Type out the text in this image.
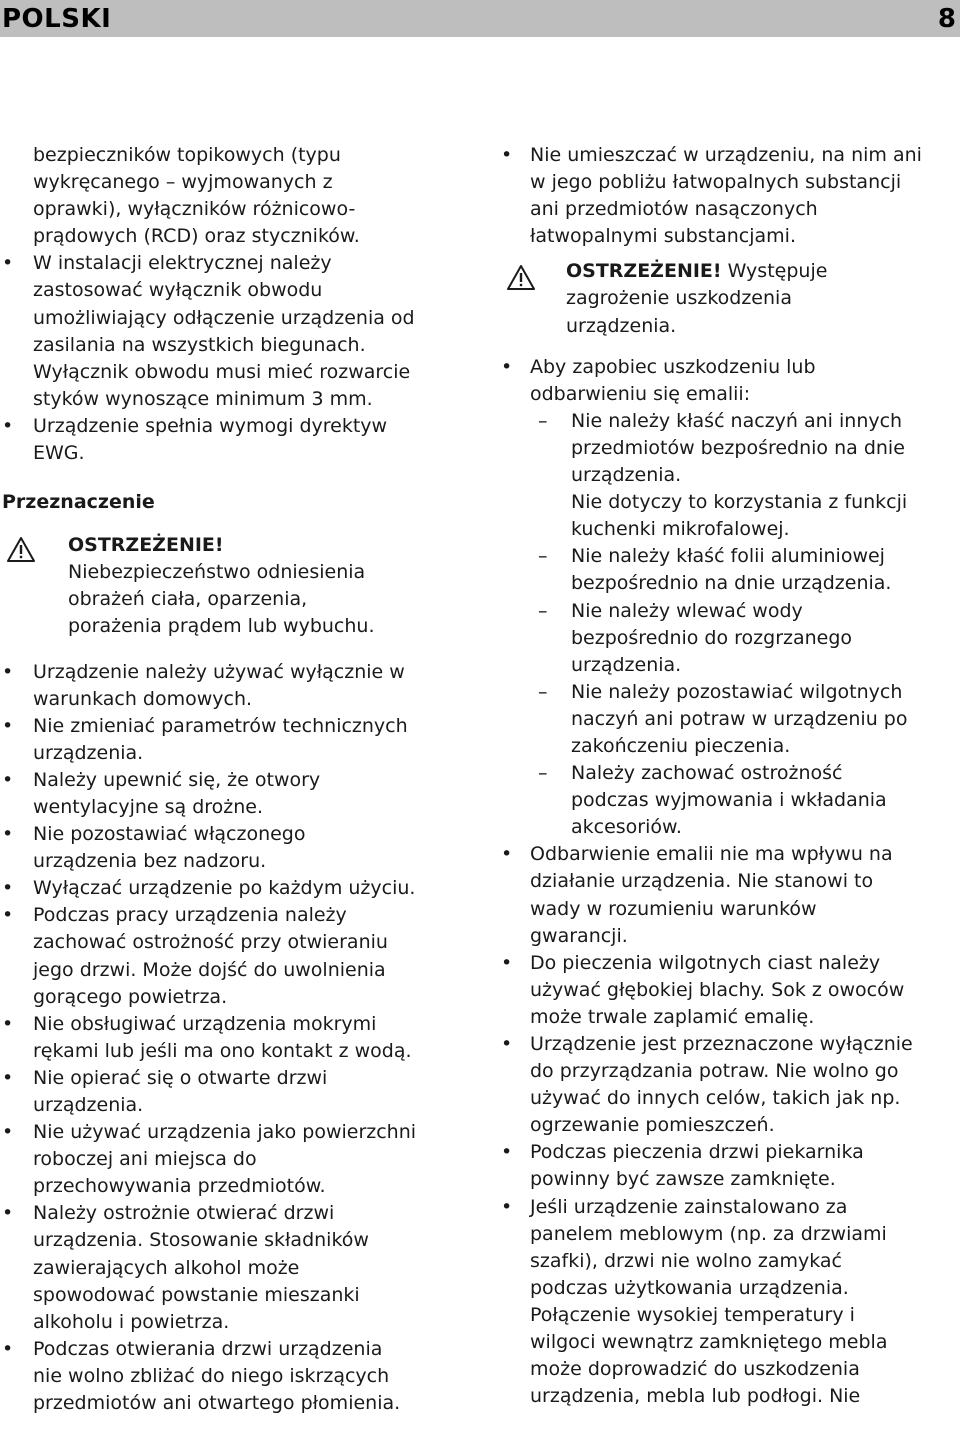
POLSKI	8
bezpieczników topikowych (typu
wykręcanego – wyjmowanych z
oprawki), wyłączników różnicowo-
prądowych (RCD) oraz styczników.
•	W instalacji elektrycznej należy
zastosować wyłącznik obwodu
umożliwiający odłączenie urządzenia od
zasilania na wszystkich biegunach.
Wyłącznik obwodu musi mieć rozwarcie
styków wynoszące minimum 3 mm.
•	Urządzenie spełnia wymogi dyrektyw
EWG.
Przeznaczenie
OSTRZEŻENIE!
Niebezpieczeństwo odniesienia
obrażeń ciała, oparzenia,
porażenia prądem lub wybuchu.
•	Urządzenie należy używać wyłącznie w
warunkach domowych.
•	Nie zmieniać parametrów technicznych
urządzenia.
•	Należy upewnić się, że otwory
wentylacyjne są drożne.
•	Nie pozostawiać włączonego
urządzenia bez nadzoru.
•	Wyłączać urządzenie po każdym użyciu.
•	Podczas pracy urządzenia należy
zachować ostrożność przy otwieraniu
jego drzwi. Może dojść do uwolnienia
gorącego powietrza.
•	Nie obsługiwać urządzenia mokrymi
rękami lub jeśli ma ono kontakt z wodą.
•	Nie opierać się o otwarte drzwi
urządzenia.
•	Nie używać urządzenia jako powierzchni
roboczej ani miejsca do
przechowywania przedmiotów.
•	Należy ostrożnie otwierać drzwi
urządzenia. Stosowanie składników
zawierających alkohol może
spowodować powstanie mieszanki
alkoholu i powietrza.
•	Podczas otwierania drzwi urządzenia
nie wolno zbliżać do niego iskrzących
przedmiotów ani otwartego płomienia.
• Nie umieszczać w urządzeniu, na nim ani
w jego pobliżu łatwopalnych substancji
ani przedmiotów nasączonych
łatwopalnymi substancjami.
OSTRZEŻENIE! Występuje
zagrożenie uszkodzenia
urządzenia.
• Aby zapobiec uszkodzeniu lub
odbarwieniu się emalii:
– Nie należy kłaść naczyń ani innych
przedmiotów bezpośrednio na dnie
urządzenia.
Nie dotyczy to korzystania z funkcji
kuchenki mikrofalowej.
– Nie należy kłaść folii aluminiowej
bezpośrednio na dnie urządzenia.
– Nie należy wlewać wody
bezpośrednio do rozgrzanego
urządzenia.
– Nie należy pozostawiać wilgotnych
naczyń ani potraw w urządzeniu po
zakończeniu pieczenia.
– Należy zachować ostrożność
podczas wyjmowania i wkładania
akcesoriów.
• Odbarwienie emalii nie ma wpływu na
działanie urządzenia. Nie stanowi to
wady w rozumieniu warunków
gwarancji.
• Do pieczenia wilgotnych ciast należy
używać głębokiej blachy. Sok z owoców
może trwale zaplamić emalię.
• Urządzenie jest przeznaczone wyłącznie
do przyrządzania potraw. Nie wolno go
używać do innych celów, takich jak np.
ogrzewanie pomieszczeń.
• Podczas pieczenia drzwi piekarnika
powinny być zawsze zamknięte.
• Jeśli urządzenie zainstalowano za
panelem meblowym (np. za drzwiami
szafki), drzwi nie wolno zamykać
podczas użytkowania urządzenia.
Połączenie wysokiej temperatury i
wilgoci wewnątrz zamkniętego mebla
może doprowadzić do uszkodzenia
urządzenia, mebla lub podłogi. Nie
